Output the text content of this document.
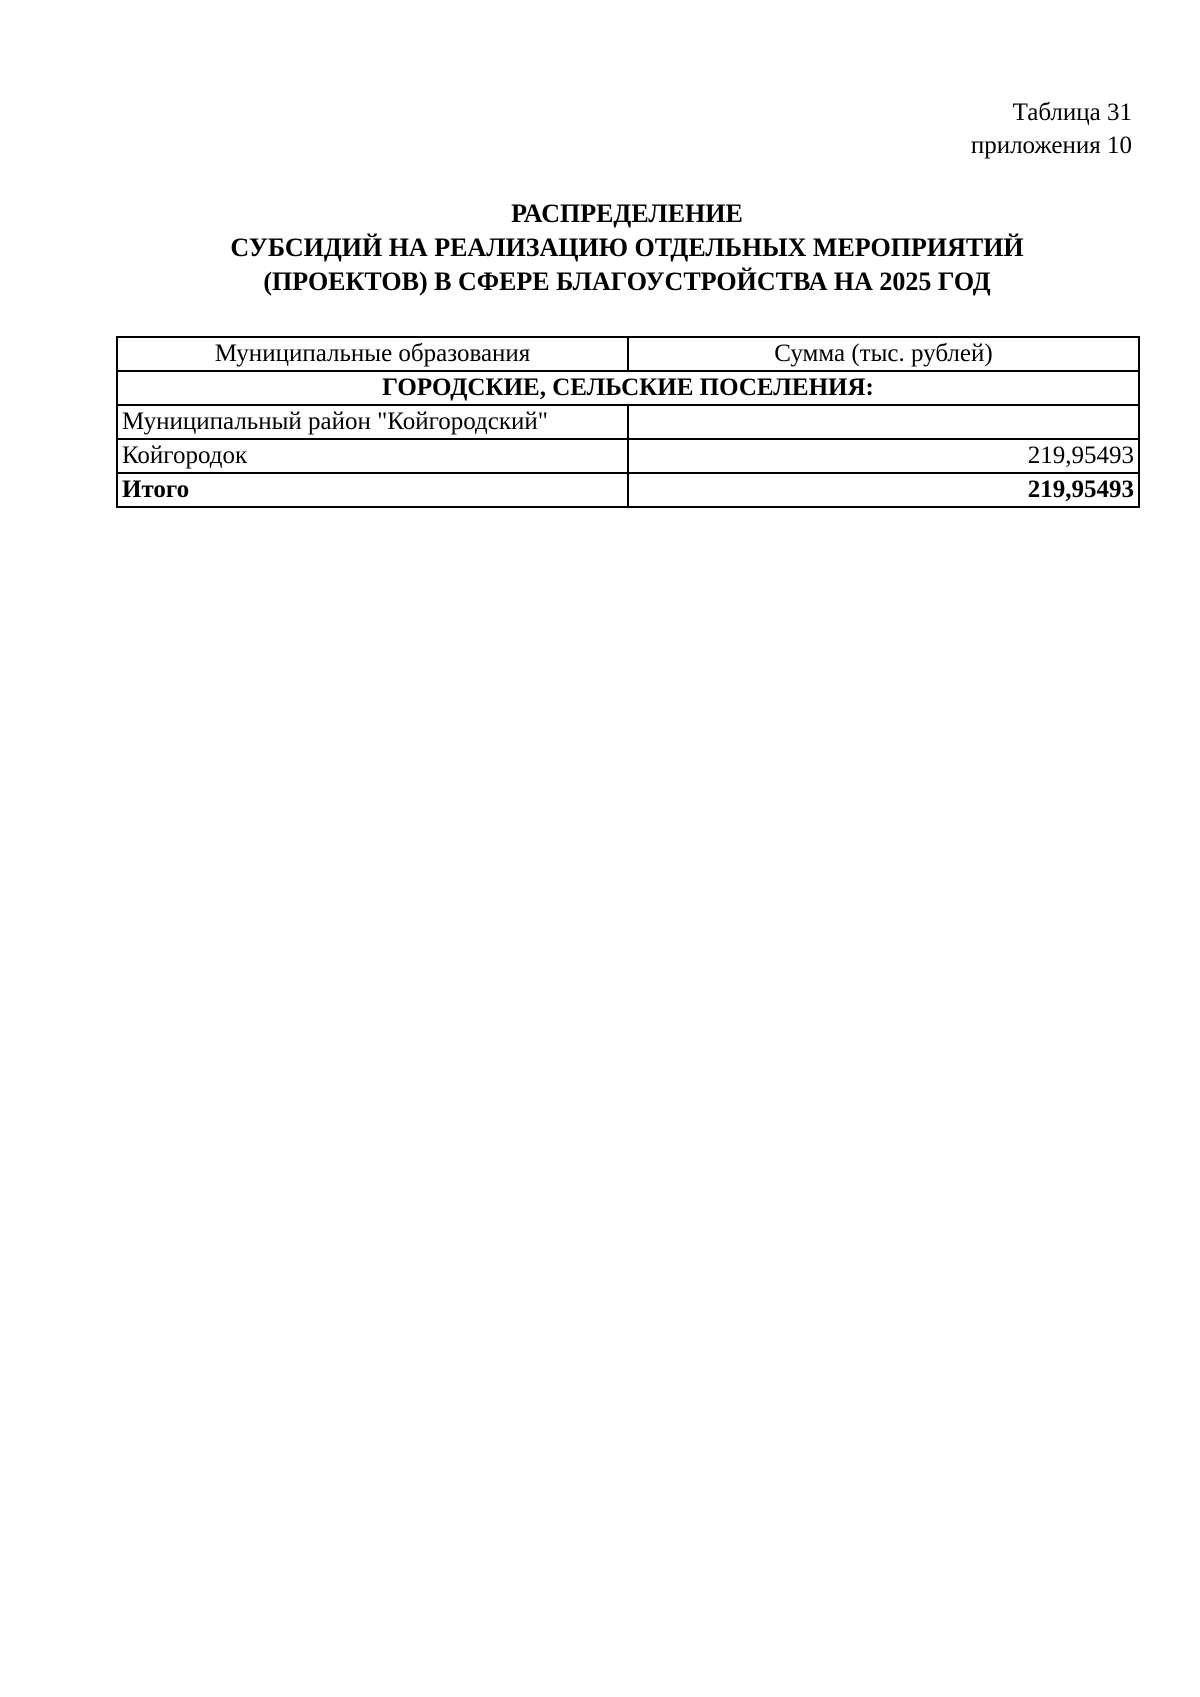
Таблица 31
приложения 10
РАСПРЕДЕЛЕНИЕ
СУБСИДИЙ НА РЕАЛИЗАЦИЮ ОТДЕЛЬНЫХ МЕРОПРИЯТИЙ
(ПРОЕКТОВ) В СФЕРЕ БЛАГОУСТРОЙСТВА НА 2025 ГОД
Муниципальные образования	Сумма (тыс. рублей)
ГОРОДСКИЕ, СЕЛЬСКИЕ ПОСЕЛЕНИЯ:	
Муниципальный район "Койгородский"	
Койгородок	219,95493
Итого	219,95493
